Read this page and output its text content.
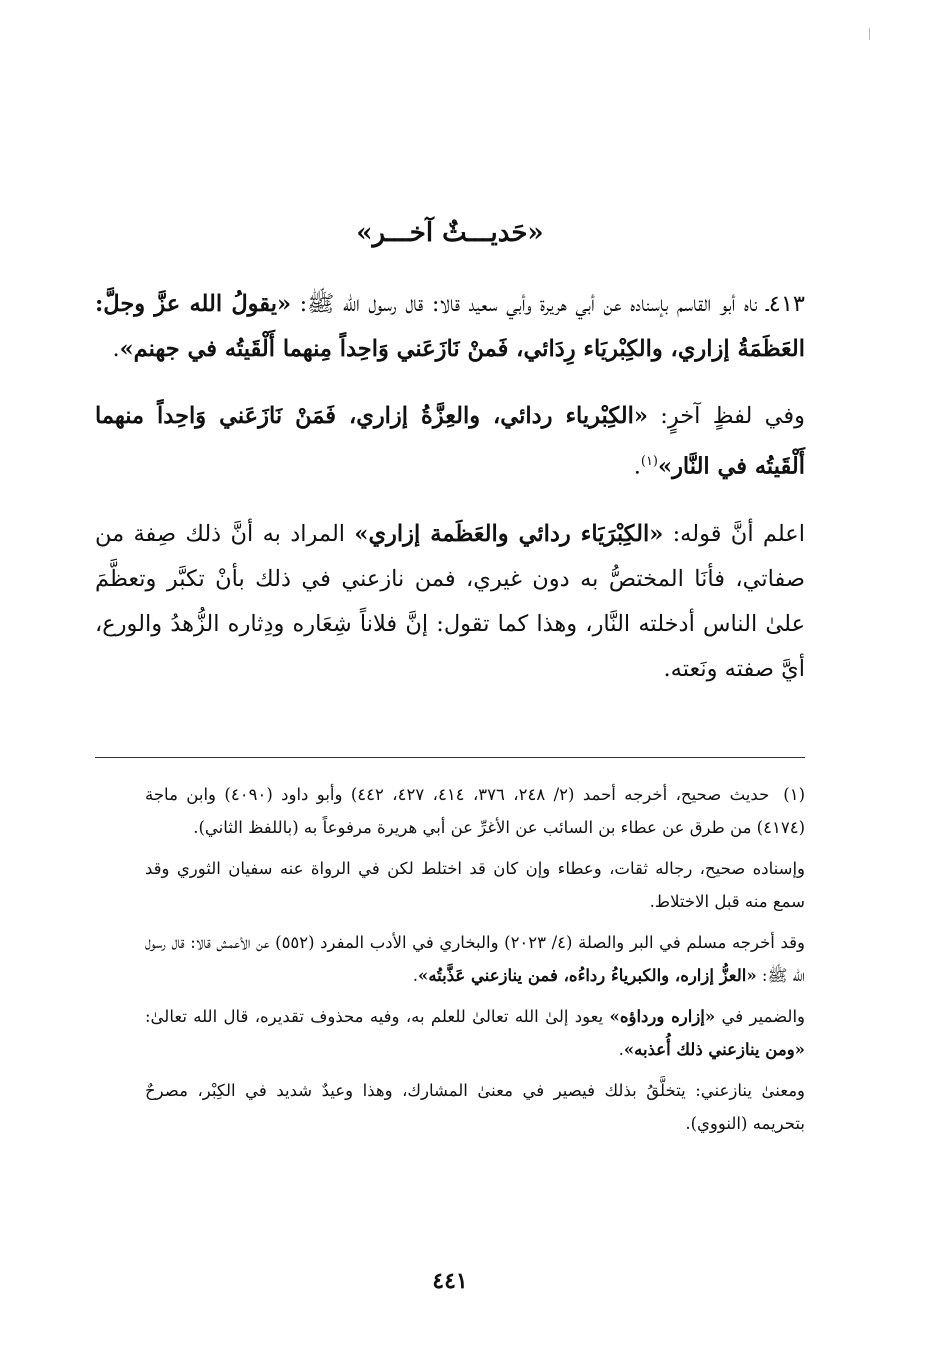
«حَديـــثٌ آخـــر»

٤١٣ـ ناه أبو القاسم بإسناده عن أبي هريرة وأبي سعيد قالا: قال رسول الله ﷺ: «يقولُ الله عزَّ وجلَّ: العَظَمَةُ إزاري، والكِبْريَاء رِدَائي، فَمنْ نَازَعَني وَاحِداً مِنهما أَلْقَيتُه في جهنم».

وفي لفظٍ آخرٍ: «الكِبْرياء ردائي، والعِزَّةُ إزاري، فَمَنْ نَازَعَني وَاحِداً منهما أَلْقَيتُه في النَّار»$^{(١)}$.

اعلم أنَّ قوله: «الكِبْرَيَاء ردائي والعَظَمة إزاري» المراد به أنَّ ذلك صِفة من صفاتي، فأنَا المختصُّ به دون غيري، فمن نازعني في ذلك بأنْ تكبَّر وتعظَّمَ علىٰ الناس أدخلته النَّار، وهذا كما تقول: إنَّ فلاناً شِعَاره ودِثاره الزُّهدُ والورع، أيَّ صفته ونَعته.

(١)حديث صحيح، أخرجه أحمد (٢/ ٢٤٨، ٣٧٦، ٤١٤، ٤٢٧، ٤٤٢) وأبو داود (٤٠٩٠) وابن ماجة (٤١٧٤) من طرق عن عطاء بن السائب عن الأغرِّ عن أبي هريرة مرفوعاً به (باللفظ الثاني).

وإسناده صحيح، رجاله ثقات، وعطاء وإن كان قد اختلط لكن في الرواة عنه سفيان الثوري وقد سمع منه قبل الاختلاط.

وقد أخرجه مسلم في البر والصلة (٤/ ٢٠٢٣) والبخاري في الأدب المفرد (٥٥٢) عن الأعمش قالا: قال رسول الله ﷺ: «العزُّ إزاره، والكبرياءُ رداءُه، فمن ينازعني عَذَّبتُه».

والضمير في «إزاره ورداؤه» يعود إلىٰ الله تعالىٰ للعلم به، وفيه محذوف تقديره، قال الله تعالىٰ: «ومن ينازعني ذلك أُعذبه».

ومعنىٰ ينازعني: يتخلَّقُ بذلك فيصير في معنىٰ المشارك، وهذا وعيدٌ شديد في الكِبْر، مصرحٌ بتحريمه (النووي).

٤٤١
